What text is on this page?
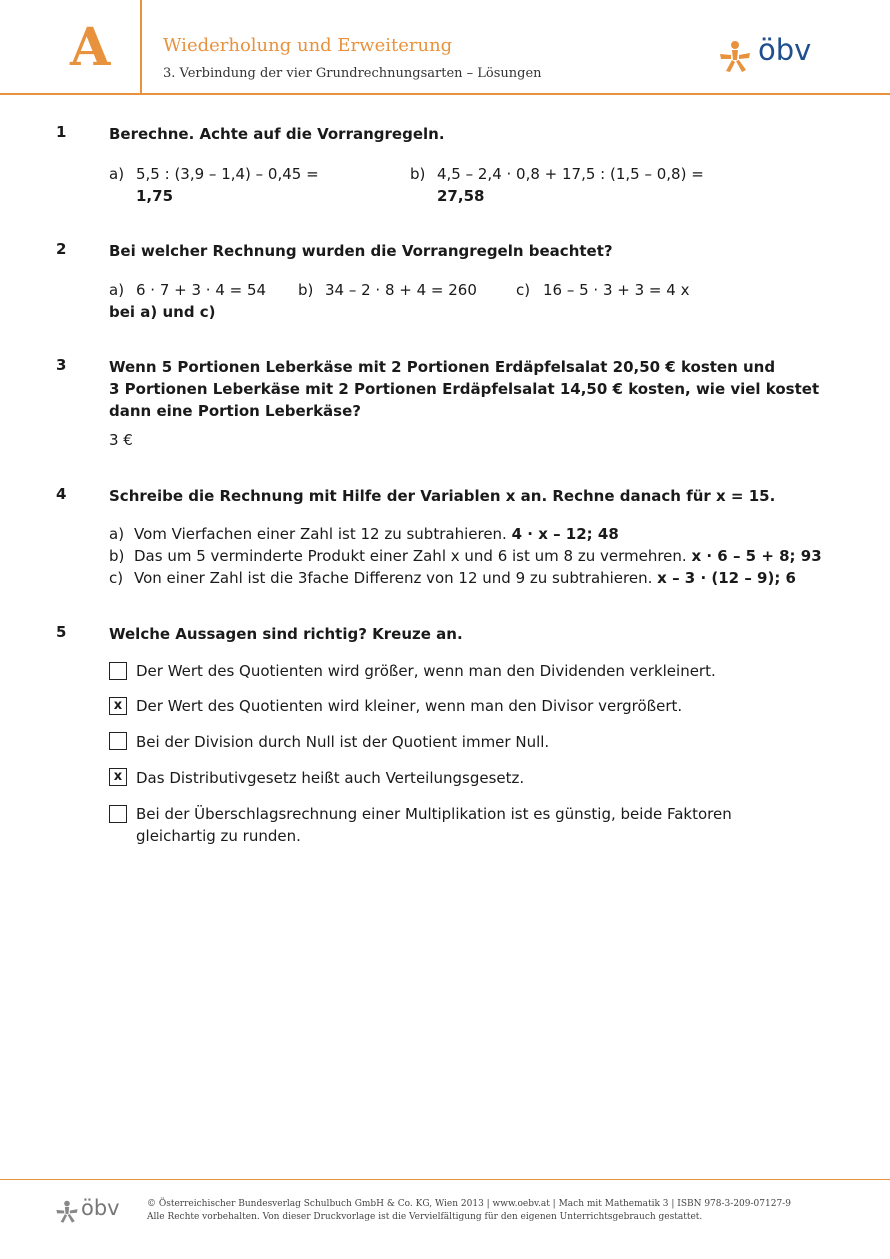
A	Wiederholung und Erweiterung
3. Verbindung der vier Grundrechnungsarten – Lösungen
öbv
1	Berechne. Achte auf die Vorrangregeln.
a) 5,5 : (3,9 – 1,4) – 0,45 =
1,75
b) 4,5 – 2,4 · 0,8 + 17,5 : (1,5 – 0,8) =
27,58
2	Bei welcher Rechnung wurden die Vorrangregeln beachtet?
a) 6 · 7 + 3 · 4 = 54 b) 34 – 2 · 8 + 4 = 260	c) 16 – 5 · 3 + 3 = 4 x
bei a) und c)
3	Wenn 5 Portionen Leberkäse mit 2 Portionen Erdäpfelsalat 20,50 € kosten und
3 Portionen Leberkäse mit 2 Portionen Erdäpfelsalat 14,50 € kosten, wie viel kostet
dann eine Portion Leberkäse?
3 €
4	Schreibe die Rechnung mit Hilfe der Variablen x an. Rechne danach für x = 15.
a) Vom Vierfachen einer Zahl ist 12 zu subtrahieren. 4 · x – 12; 48
b) Das um 5 verminderte Produkt einer Zahl x und 6 ist um 8 zu vermehren. x · 6 – 5 + 8; 93
c) Von einer Zahl ist die 3fache Differenz von 12 und 9 zu subtrahieren. x – 3 · (12 – 9); 6
5	Welche Aussagen sind richtig? Kreuze an.
Der Wert des Quotienten wird größer, wenn man den Dividenden verkleinert.
x Der Wert des Quotienten wird kleiner, wenn man den Divisor vergrößert.
Bei der Division durch Null ist der Quotient immer Null.
x Das Distributivgesetz heißt auch Verteilungsgesetz.
Bei der Überschlagsrechnung einer Multiplikation ist es günstig, beide Faktoren gleichartig zu runden.
öbv	© Österreichischer Bundesverlag Schulbuch GmbH & Co. KG, Wien 2013 | www.oebv.at | Mach mit Mathematik 3 | ISBN 978-3-209-07127-9
Alle Rechte vorbehalten. Von dieser Druckvorlage ist die Vervielfältigung für den eigenen Unterrichtsgebrauch gestattet.
